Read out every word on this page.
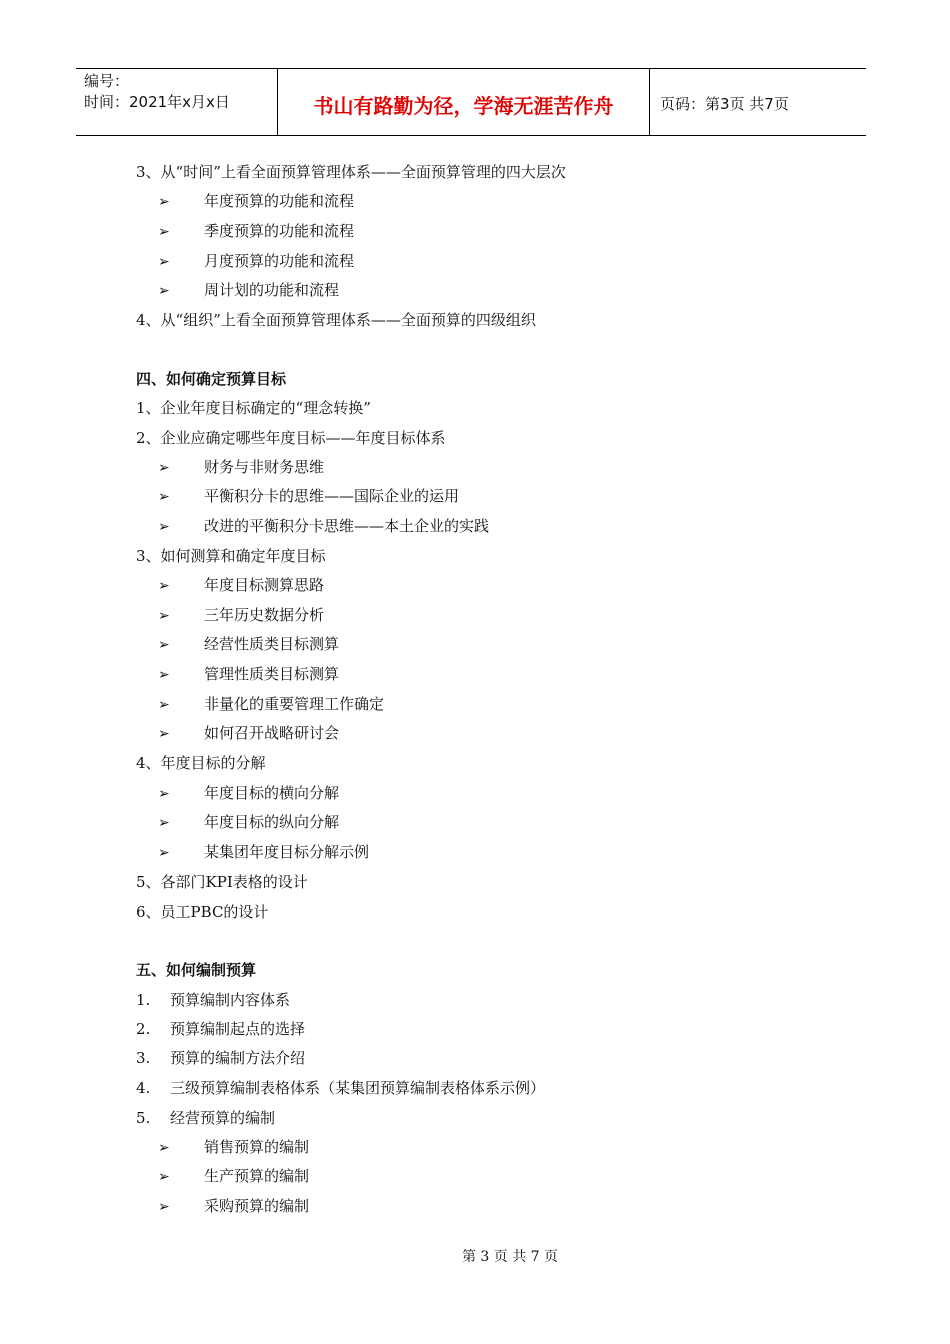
编号：
时间：2021年x月x日	书山有路勤为径，学海无涯苦作舟	页码：第3页 共7页
3、从“时间”上看全面预算管理体系——全面预算管理的四大层次
➢ 年度预算的功能和流程
➢ 季度预算的功能和流程
➢ 月度预算的功能和流程
➢ 周计划的功能和流程
4、从“组织”上看全面预算管理体系——全面预算的四级组织
四、如何确定预算目标
1、企业年度目标确定的“理念转换”
2、企业应确定哪些年度目标——年度目标体系
➢ 财务与非财务思维
➢ 平衡积分卡的思维——国际企业的运用
➢ 改进的平衡积分卡思维——本土企业的实践
3、如何测算和确定年度目标
➢ 年度目标测算思路
➢ 三年历史数据分析
➢ 经营性质类目标测算
➢ 管理性质类目标测算
➢ 非量化的重要管理工作确定
➢ 如何召开战略研讨会
4、年度目标的分解
➢ 年度目标的横向分解
➢ 年度目标的纵向分解
➢ 某集团年度目标分解示例
5、各部门KPI表格的设计
6、员工PBC的设计
五、如何编制预算
1. 预算编制内容体系
2. 预算编制起点的选择
3. 预算的编制方法介绍
4. 三级预算编制表格体系（某集团预算编制表格体系示例）
5. 经营预算的编制
➢ 销售预算的编制
➢ 生产预算的编制
➢ 采购预算的编制
第 3 页 共 7 页
